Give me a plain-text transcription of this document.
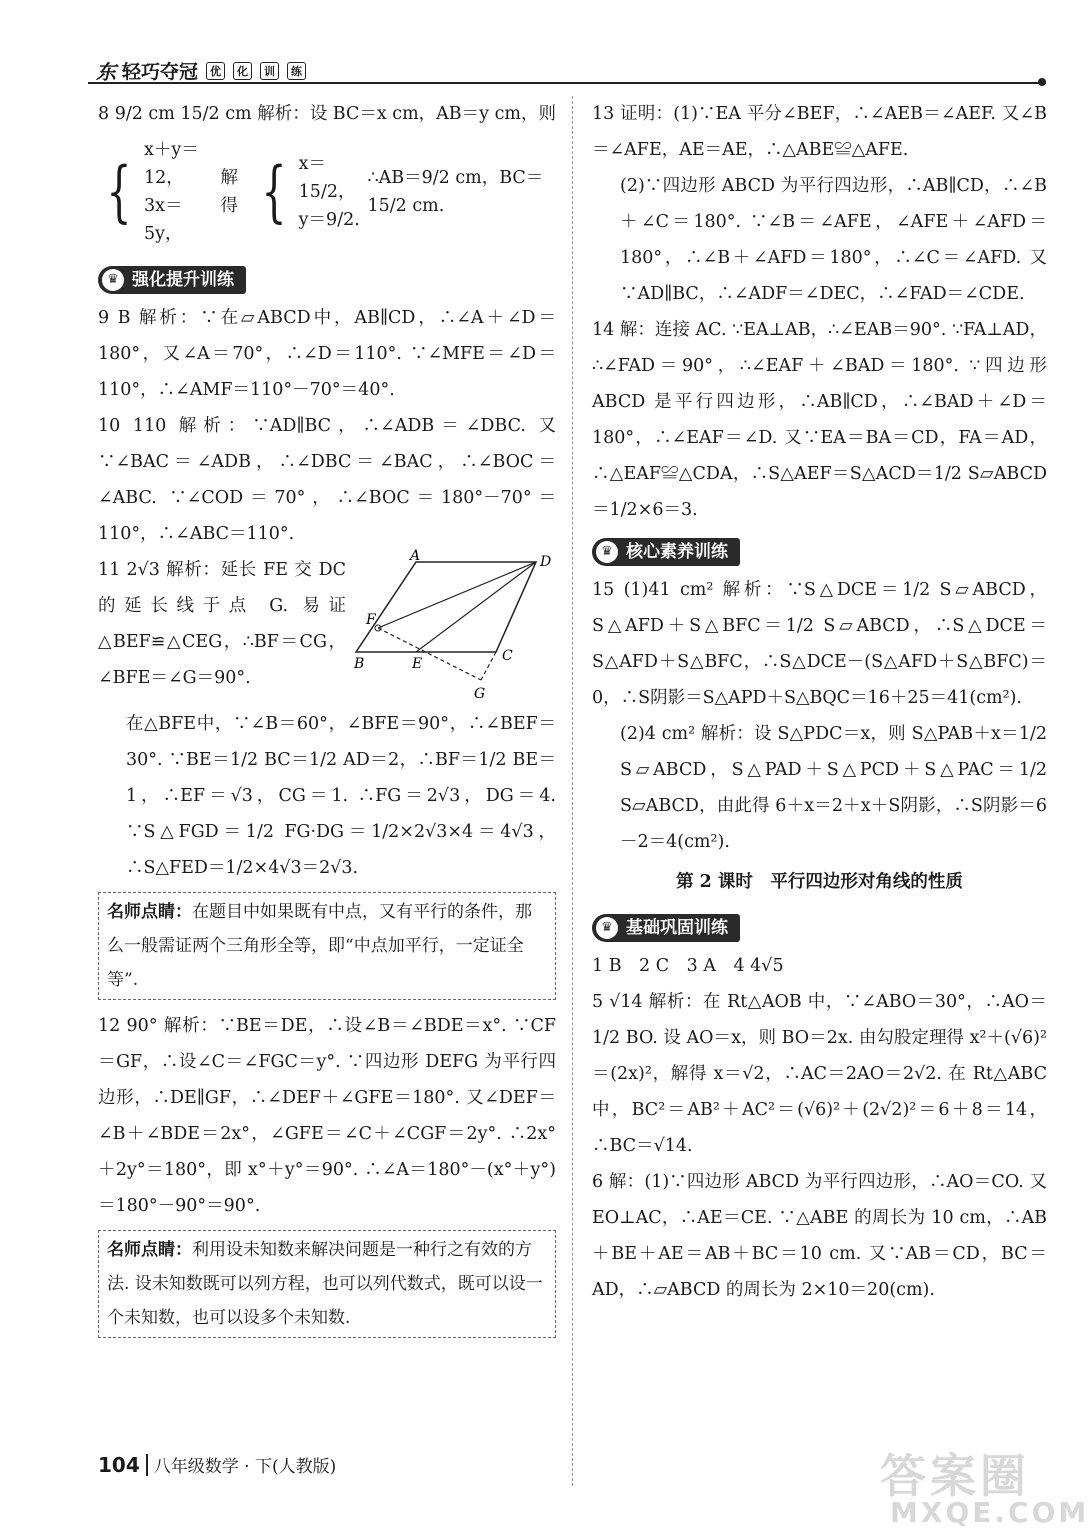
东 轻巧夺冠	优	化	训	练

8 9/2 cm 15/2 cm 解析：设 BC＝x cm，AB＝y cm，则

{
x＋y＝12，
3x＝5y，
解得 { x＝15/2，
y＝9/2.
∴AB＝9/2 cm，BC＝15/2 cm.
♛ 强化提升训练

9 B 解析：∵在▱ABCD中，AB∥CD，∴∠A＋∠D＝180°，又∠A＝70°，∴∠D＝110°. ∵∠MFE＝∠D＝110°，∴∠AMF＝110°－70°＝40°.

10 110 解析：∵AD∥BC，∴∠ADB＝∠DBC. 又∵∠BAC＝∠ADB，∴∠DBC＝∠BAC，∴∠BOC＝∠ABC. ∵∠COD＝70°，∴∠BOC＝180°－70°＝110°，∴∠ABC＝110°.

A	D
F
B	E	C
G

11 2√3 解析：延长 FE 交 DC 的延长线于点 G. 易证△BEF≌△CEG，∴BF＝CG，∠BFE＝∠G＝90°.

在△BFE中，∵∠B＝60°，∠BFE＝90°，∴∠BEF＝30°. ∵BE＝1/2 BC＝1/2 AD＝2，∴BF＝1/2 BE＝1，∴EF＝√3，CG＝1. ∴FG＝2√3，DG＝4. ∵S△FGD＝1/2 FG·DG＝1/2×2√3×4＝4√3，∴S△FED＝1/2×4√3＝2√3.

名师点睛：在题目中如果既有中点，又有平行的条件，那么一般需证两个三角形全等，即“中点加平行，一定证全等”.

12 90° 解析：∵BE＝DE，∴设∠B＝∠BDE＝x°. ∵CF＝GF，∴设∠C＝∠FGC＝y°. ∵四边形 DEFG 为平行四边形，∴DE∥GF，∴∠DEF＋∠GFE＝180°. 又∠DEF＝∠B＋∠BDE＝2x°，∠GFE＝∠C＋∠CGF＝2y°. ∴2x°＋2y°＝180°，即 x°＋y°＝90°. ∴∠A＝180°－(x°＋y°)＝180°－90°＝90°.

名师点睛：利用设未知数来解决问题是一种行之有效的方法. 设未知数既可以列方程，也可以列代数式，既可以设一个未知数，也可以设多个未知数.

13 证明：(1)∵EA 平分∠BEF，∴∠AEB＝∠AEF. 又∠B＝∠AFE，AE＝AE，∴△ABE≌△AFE.

(2)∵四边形 ABCD 为平行四边形，∴AB∥CD，∴∠B＋∠C＝180°. ∵∠B＝∠AFE，∠AFE＋∠AFD＝180°，∴∠B＋∠AFD＝180°，∴∠C＝∠AFD. 又∵AD∥BC，∴∠ADF＝∠DEC，∴∠FAD＝∠CDE.

14 解：连接 AC. ∵EA⊥AB，∴∠EAB＝90°. ∵FA⊥AD，∴∠FAD＝90°，∴∠EAF＋∠BAD＝180°. ∵四边形 ABCD 是平行四边形，∴AB∥CD，∴∠BAD＋∠D＝180°，∴∠EAF＝∠D. 又∵EA＝BA＝CD，FA＝AD，∴△EAF≌△CDA，∴S△AEF＝S△ACD＝1/2 S▱ABCD＝1/2×6＝3.

♛ 核心素养训练

15 (1)41 cm² 解析：∵S△DCE＝1/2 S▱ABCD，S△AFD＋S△BFC＝1/2 S▱ABCD，∴S△DCE＝S△AFD＋S△BFC，∴S△DCE－(S△AFD＋S△BFC)＝0，∴S阴影＝S△APD＋S△BQC＝16＋25＝41(cm²).

(2)4 cm² 解析：设 S△PDC＝x，则 S△PAB＋x＝1/2 S▱ABCD，S△PAD＋S△PCD＋S△PAC＝1/2 S▱ABCD，由此得 6＋x＝2＋x＋S阴影，∴S阴影＝6－2＝4(cm²).

第 2 课时　平行四边形对角线的性质

♛ 基础巩固训练

1 B　2 C　3 A　4 4√5

5 √14 解析：在 Rt△AOB 中，∵∠ABO＝30°，∴AO＝1/2 BO. 设 AO＝x，则 BO＝2x. 由勾股定理得 x²＋(√6)²＝(2x)²，解得 x＝√2，∴AC＝2AO＝2√2. 在 Rt△ABC 中，BC²＝AB²＋AC²＝(√6)²＋(2√2)²＝6＋8＝14，∴BC＝√14.

6 解：(1)∵四边形 ABCD 为平行四边形，∴AO＝CO. 又 EO⊥AC，∴AE＝CE. ∵△ABE 的周长为 10 cm，∴AB＋BE＋AE＝AB＋BC＝10 cm. 又∵AB＝CD，BC＝AD，∴▱ABCD 的周长为 2×10＝20(cm).

104 八年级数学 · 下(人教版)	答案圈
MXQE.COM
